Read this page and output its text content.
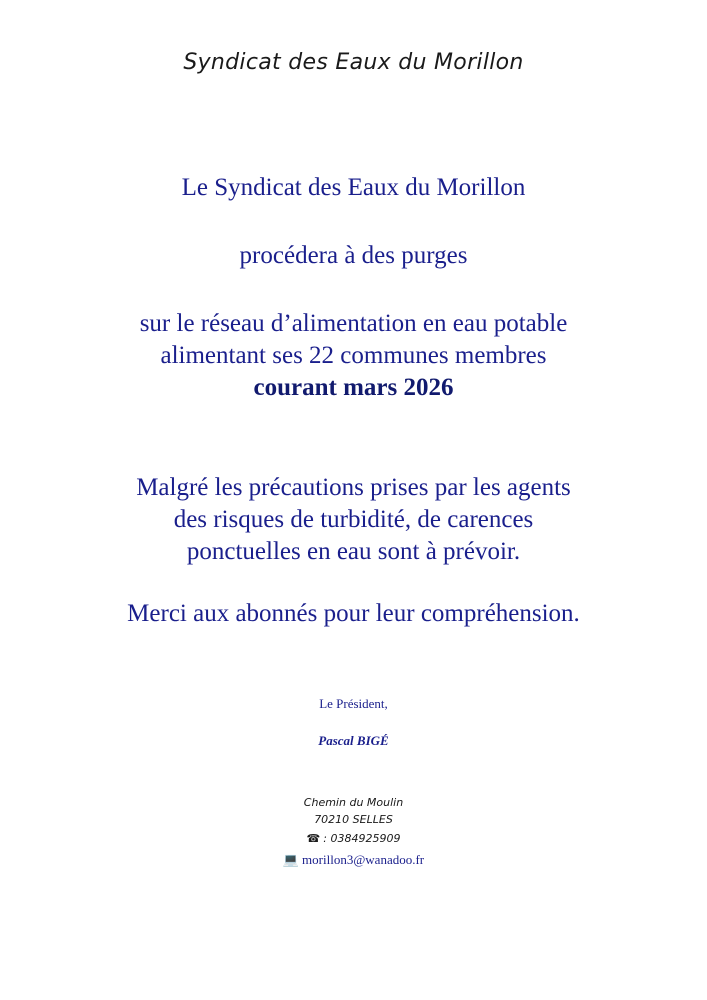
Syndicat des Eaux du Morillon
Le Syndicat des Eaux du Morillon
procédera à des purges
sur le réseau d’alimentation en eau potable
alimentant ses 22 communes membres
courant mars 2026
Malgré les précautions prises par les agents
des risques de turbidité, de carences
ponctuelles en eau sont à prévoir.
Merci aux abonnés pour leur compréhension.
Le Président,
Pascal BIGÉ
Chemin du Moulin
70210 SELLES
☎ : 0384925909
💻 morillon3@wanadoo.fr
